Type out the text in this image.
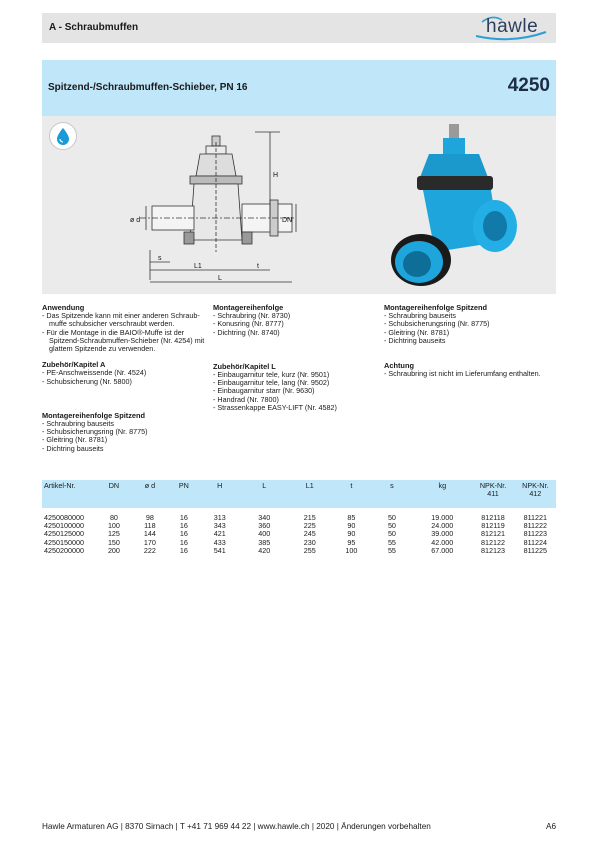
A - Schraubmuffen	hawle
Spitzend-/Schraubmuffen-Schieber, PN 16	4250
H
ø d	DN
s
L1	t
L
Anwendung
- Das Spitzende kann mit einer anderen Schraub-muffe schubsicher verschraubt werden.
- Für die Montage in die BAIO®-Muffe ist der Spitzend-Schraubmuffen-Schieber (Nr. 4254) mit glattem Spitzende zu verwenden.
Zubehör/Kapitel A
- PE-Anschweissende (Nr. 4524)
- Schubsicherung (Nr. 5800)
Montagereihenfolge Spitzend
- Schraubring bauseits
- Schubsicherungsring (Nr. 8775)
- Gleitring (Nr. 8781)
- Dichtring bauseits
Montagereihenfolge
- Schraubring (Nr. 8730)
- Konusring (Nr. 8777)
- Dichtring (Nr. 8740)
Zubehör/Kapitel L
- Einbaugarnitur tele, kurz (Nr. 9501)
- Einbaugarnitur tele, lang (Nr. 9502)
- Einbaugarnitur starr (Nr. 9630)
- Handrad (Nr. 7800)
- Strassenkappe EASY-LIFT (Nr. 4582)
Montagereihenfolge Spitzend
- Schraubring bauseits
- Schubsicherungsring (Nr. 8775)
- Gleitring (Nr. 8781)
- Dichtring bauseits
Achtung
- Schraubring ist nicht im Lieferumfang enthalten.
Artikel-Nr.	DN	ø d	PN	H	L	L1	t	s	kg	NPK-Nr. 411	NPK-Nr. 412

4250080000	80	98	16	313	340	215	85	50	19.000	812118	811221
4250100000	100	118	16	343	360	225	90	50	24.000	812119	811222
4250125000	125	144	16	421	400	245	90	50	39.000	812121	811223
4250150000	150	170	16	433	385	230	95	55	42.000	812122	811224
4250200000	200	222	16	541	420	255	100	55	67.000	812123	811225
Hawle Armaturen AG | 8370 Sirnach | T +41 71 969 44 22 | www.hawle.ch | 2020 | Änderungen vorbehalten	A6
